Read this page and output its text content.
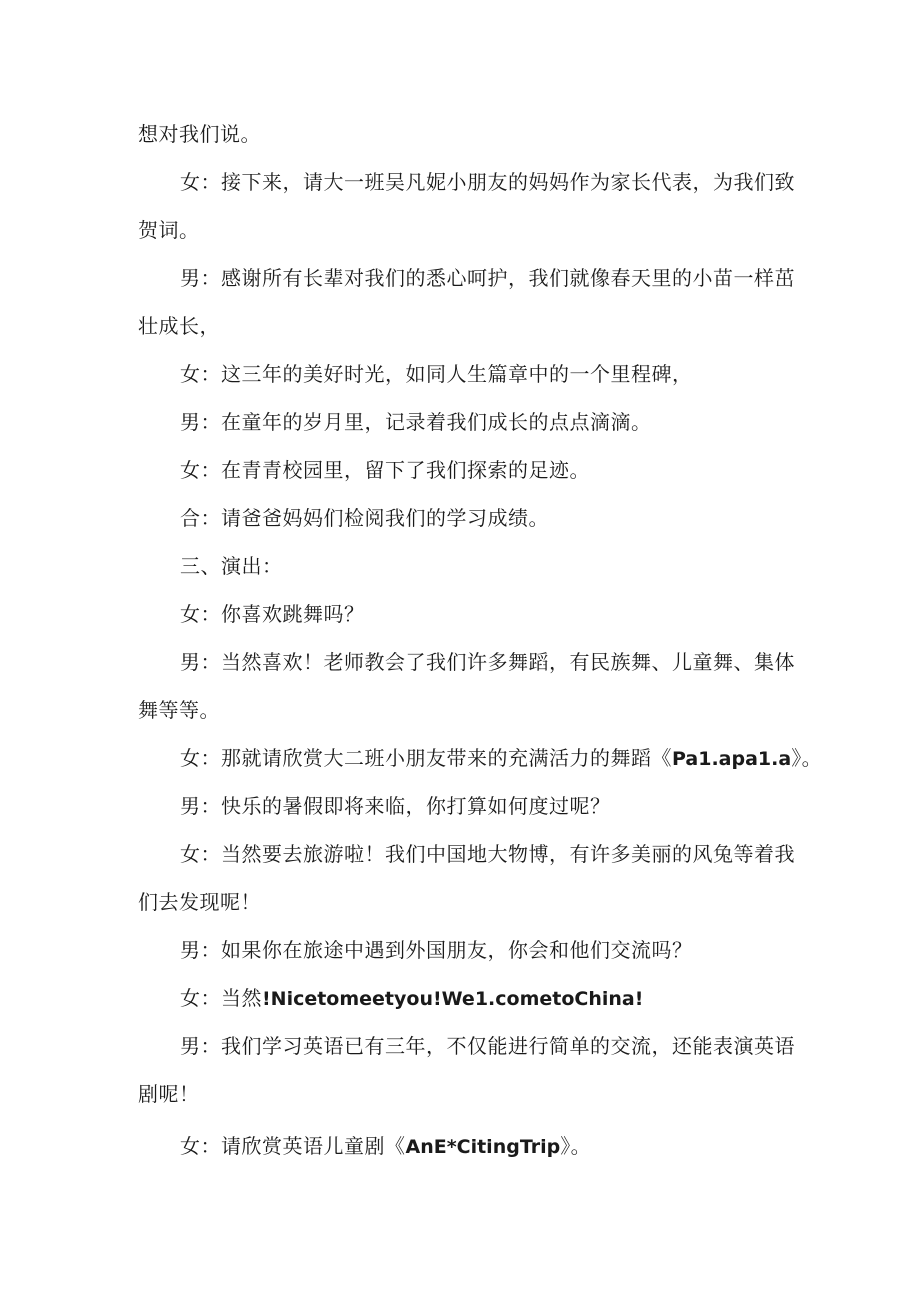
想对我们说。
女：接下来，请大一班吴凡妮小朋友的妈妈作为家长代表，为我们致
贺词。
男：感谢所有长辈对我们的悉心呵护，我们就像春天里的小苗一样茁
壮成长，
女：这三年的美好时光，如同人生篇章中的一个里程碑，
男：在童年的岁月里，记录着我们成长的点点滴滴。
女：在青青校园里，留下了我们探索的足迹。
合：请爸爸妈妈们检阅我们的学习成绩。
三、演出：
女：你喜欢跳舞吗？
男：当然喜欢！老师教会了我们许多舞蹈，有民族舞、儿童舞、集体
舞等等。
女：那就请欣赏大二班小朋友带来的充满活力的舞蹈《Pa1.apa1.a》。
男：快乐的暑假即将来临，你打算如何度过呢？
女：当然要去旅游啦！我们中国地大物博，有许多美丽的风兔等着我
们去发现呢！
男：如果你在旅途中遇到外国朋友，你会和他们交流吗？
女：当然!Nicetomeetyou!We1.cometoChina!
男：我们学习英语已有三年，不仅能进行简单的交流，还能表演英语
剧呢！
女：请欣赏英语儿童剧《AnE*CitingTrip》。
